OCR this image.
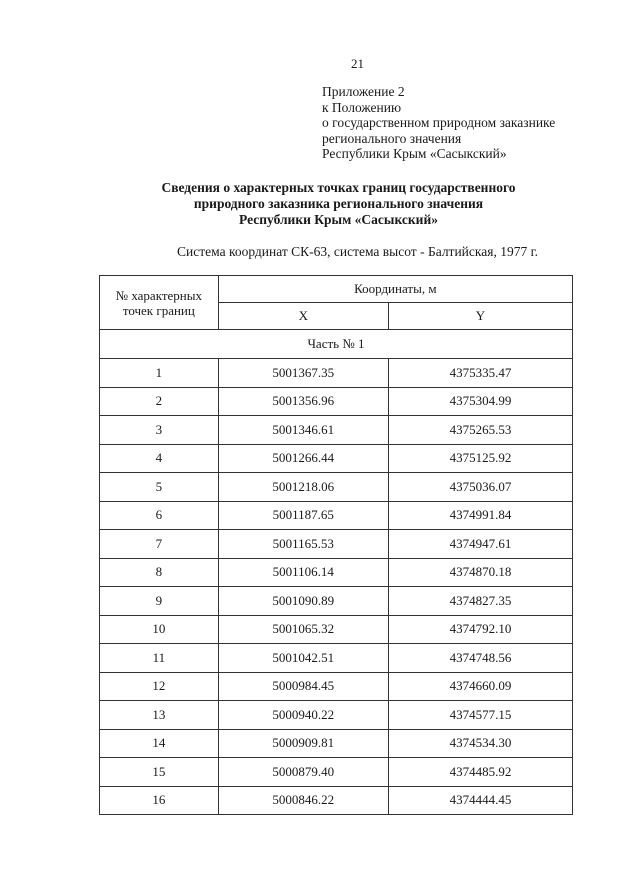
21
Приложение 2
к Положению
о государственном природном заказнике
регионального значения
Республики Крым «Сасыкский»
Сведения о характерных точках границ государственного
природного заказника регионального значения
Республики Крым «Сасыкский»
Система координат СК-63, система высот - Балтийская, 1977 г.
№ характерных
точек границ	Координаты, м	
	X	Y
Часть № 1		
1	5001367.35	4375335.47
2	5001356.96	4375304.99
3	5001346.61	4375265.53
4	5001266.44	4375125.92
5	5001218.06	4375036.07
6	5001187.65	4374991.84
7	5001165.53	4374947.61
8	5001106.14	4374870.18
9	5001090.89	4374827.35
10	5001065.32	4374792.10
11	5001042.51	4374748.56
12	5000984.45	4374660.09
13	5000940.22	4374577.15
14	5000909.81	4374534.30
15	5000879.40	4374485.92
16	5000846.22	4374444.45
